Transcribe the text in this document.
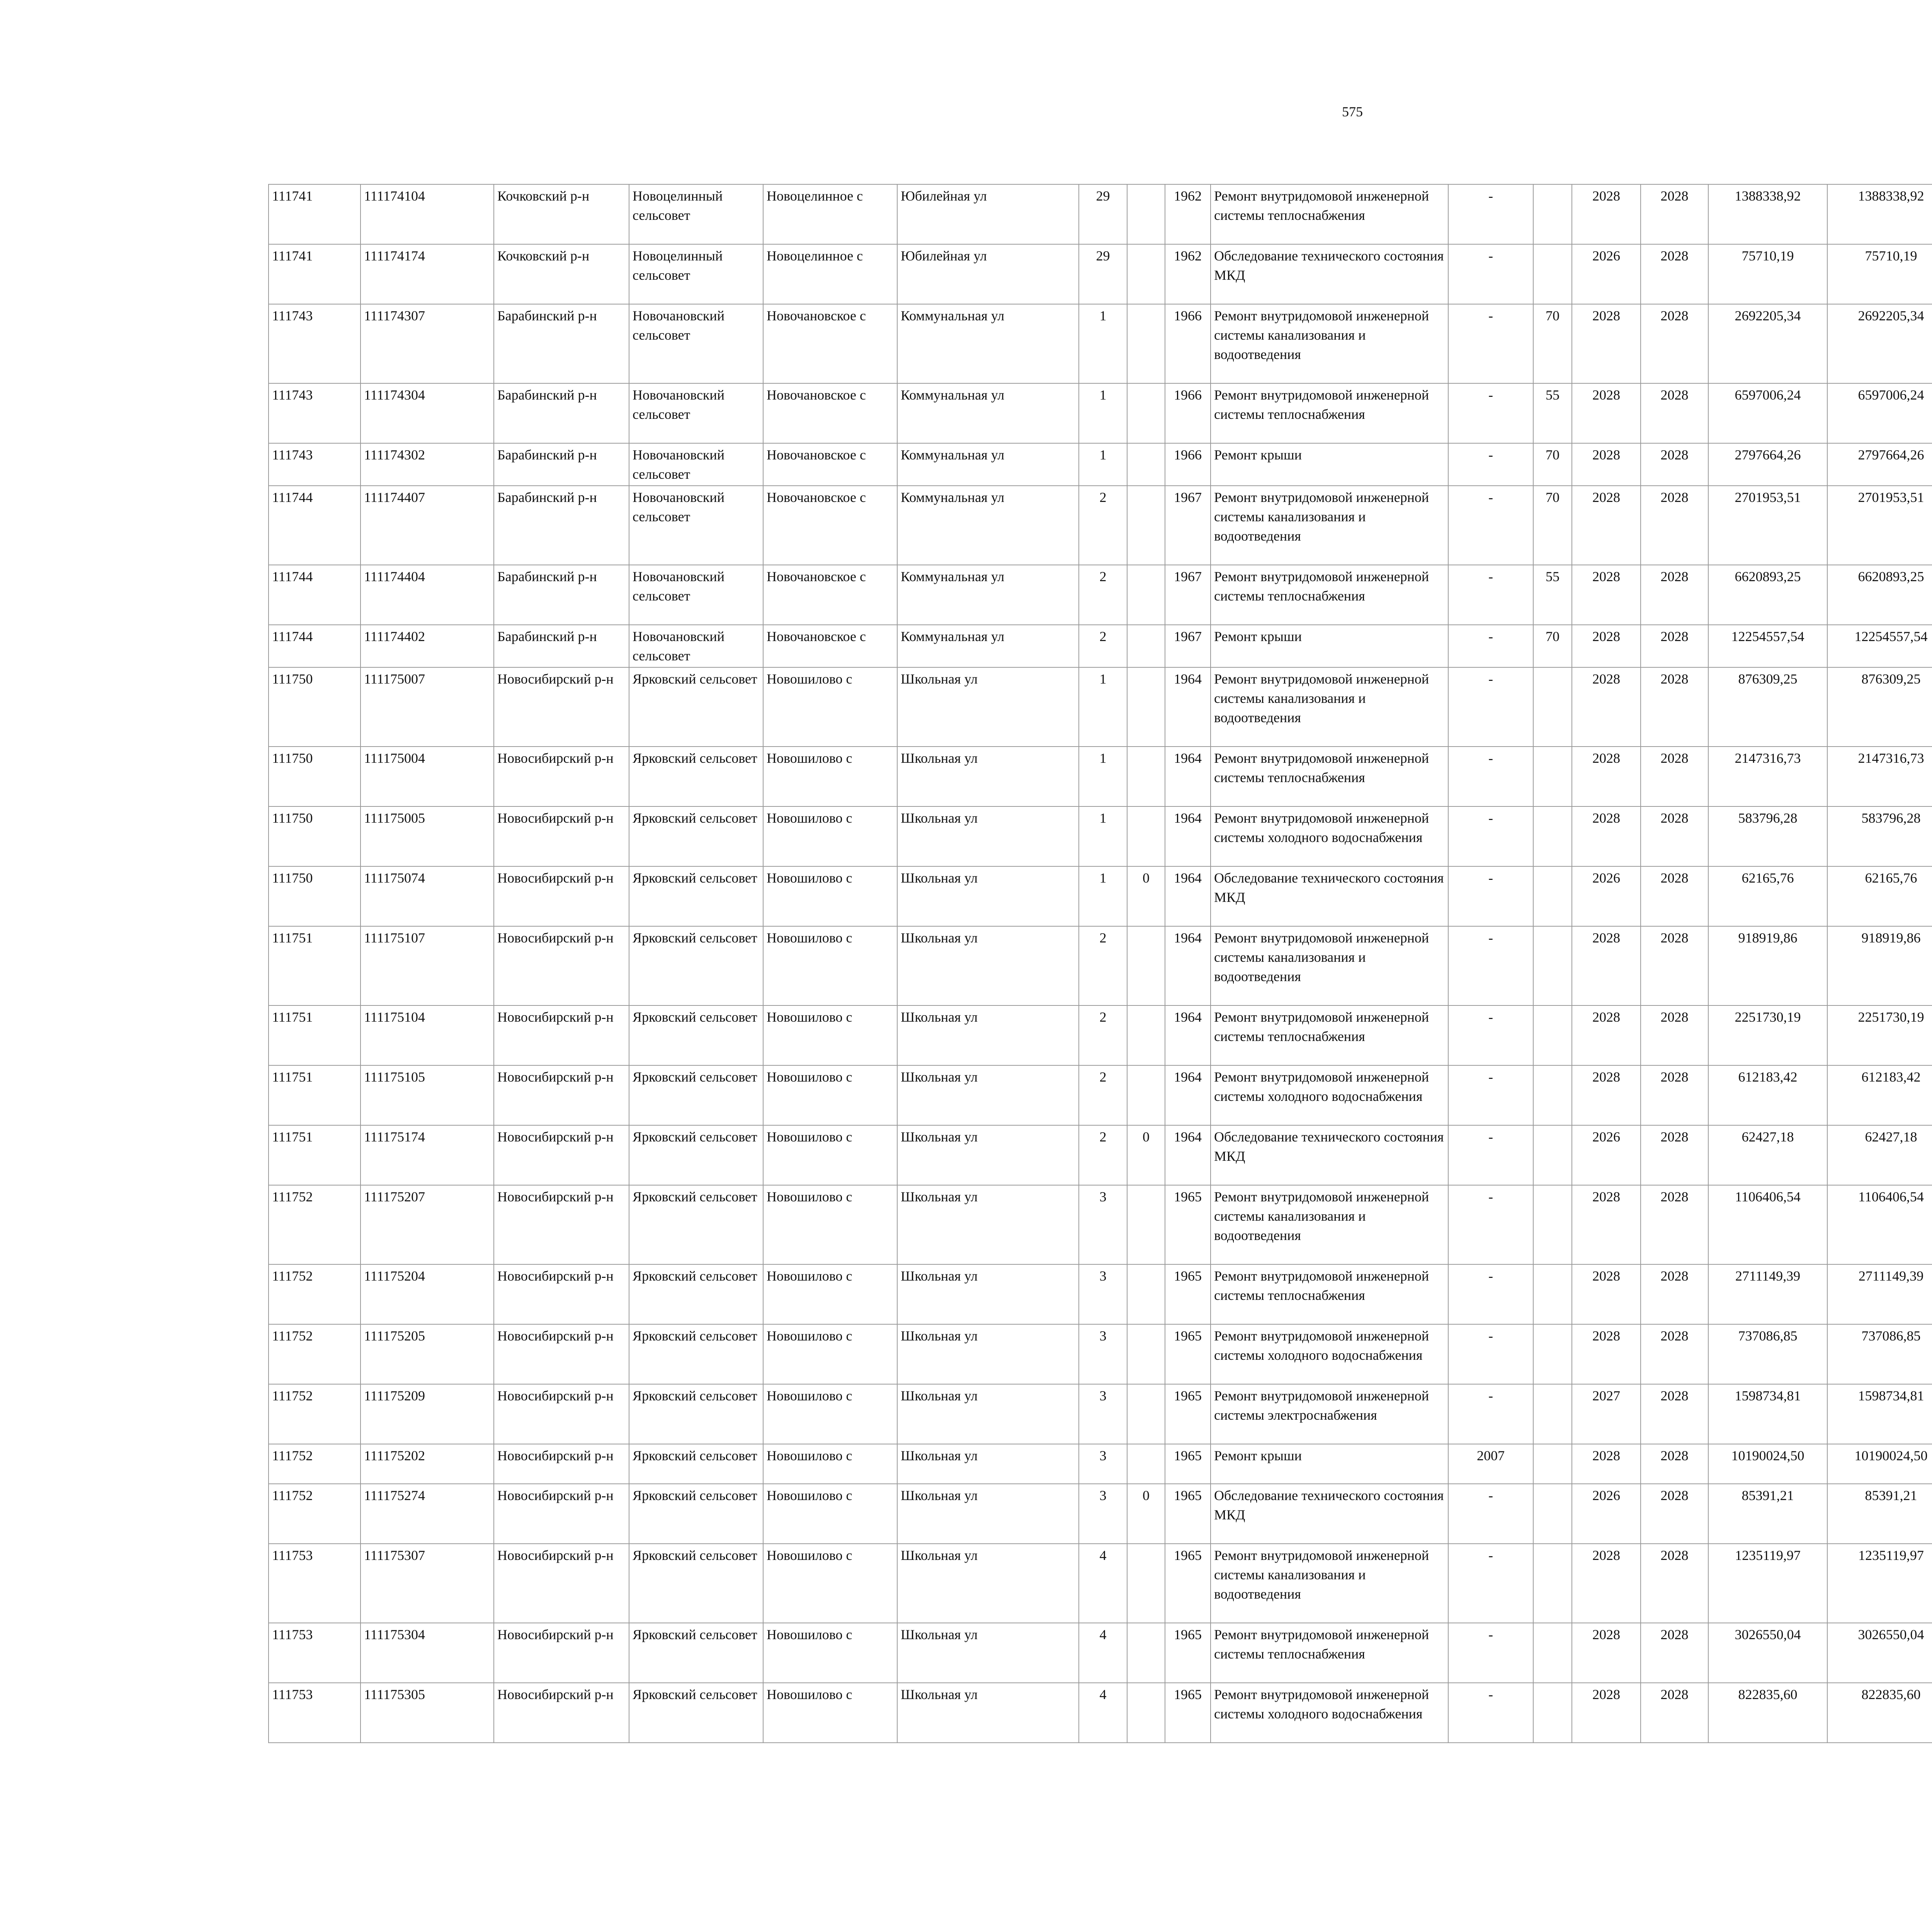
575
111741	111174104	Кочковский р-н	Новоцелинный сельсовет	Новоцелинное с	Юбилейная ул	29		1962	Ремонт внутридомовой инженерной системы теплоснабжения	-		2028	2028	1388338,92	1388338,92							
111741	111174174	Кочковский р-н	Новоцелинный сельсовет	Новоцелинное с	Юбилейная ул	29		1962	Обследование технического состояния МКД	-		2026	2028	75710,19	75710,19							
111743	111174307	Барабинский р-н	Новочановский сельсовет	Новочановское с	Коммунальная ул	1		1966	Ремонт внутридомовой инженерной системы канализования и водоотведения	-	70	2028	2028	2692205,34	2692205,34							
111743	111174304	Барабинский р-н	Новочановский сельсовет	Новочановское с	Коммунальная ул	1		1966	Ремонт внутридомовой инженерной системы теплоснабжения	-	55	2028	2028	6597006,24	6597006,24							
111743	111174302	Барабинский р-н	Новочановский сельсовет	Новочановское с	Коммунальная ул	1		1966	Ремонт крыши	-	70	2028	2028	2797664,26	2797664,26							
111744	111174407	Барабинский р-н	Новочановский сельсовет	Новочановское с	Коммунальная ул	2		1967	Ремонт внутридомовой инженерной системы канализования и водоотведения	-	70	2028	2028	2701953,51	2701953,51							
111744	111174404	Барабинский р-н	Новочановский сельсовет	Новочановское с	Коммунальная ул	2		1967	Ремонт внутридомовой инженерной системы теплоснабжения	-	55	2028	2028	6620893,25	6620893,25							
111744	111174402	Барабинский р-н	Новочановский сельсовет	Новочановское с	Коммунальная ул	2		1967	Ремонт крыши	-	70	2028	2028	12254557,54	12254557,54							
111750	111175007	Новосибирский р-н	Ярковский сельсовет	Новошилово с	Школьная ул	1		1964	Ремонт внутридомовой инженерной системы канализования и водоотведения	-		2028	2028	876309,25	876309,25							
111750	111175004	Новосибирский р-н	Ярковский сельсовет	Новошилово с	Школьная ул	1		1964	Ремонт внутридомовой инженерной системы теплоснабжения	-		2028	2028	2147316,73	2147316,73							
111750	111175005	Новосибирский р-н	Ярковский сельсовет	Новошилово с	Школьная ул	1		1964	Ремонт внутридомовой инженерной системы холодного водоснабжения	-		2028	2028	583796,28	583796,28							
111750	111175074	Новосибирский р-н	Ярковский сельсовет	Новошилово с	Школьная ул	1	0	1964	Обследование технического состояния МКД	-		2026	2028	62165,76	62165,76							
111751	111175107	Новосибирский р-н	Ярковский сельсовет	Новошилово с	Школьная ул	2		1964	Ремонт внутридомовой инженерной системы канализования и водоотведения	-		2028	2028	918919,86	918919,86							
111751	111175104	Новосибирский р-н	Ярковский сельсовет	Новошилово с	Школьная ул	2		1964	Ремонт внутридомовой инженерной системы теплоснабжения	-		2028	2028	2251730,19	2251730,19							
111751	111175105	Новосибирский р-н	Ярковский сельсовет	Новошилово с	Школьная ул	2		1964	Ремонт внутридомовой инженерной системы холодного водоснабжения	-		2028	2028	612183,42	612183,42							
111751	111175174	Новосибирский р-н	Ярковский сельсовет	Новошилово с	Школьная ул	2	0	1964	Обследование технического состояния МКД	-		2026	2028	62427,18	62427,18							
111752	111175207	Новосибирский р-н	Ярковский сельсовет	Новошилово с	Школьная ул	3		1965	Ремонт внутридомовой инженерной системы канализования и водоотведения	-		2028	2028	1106406,54	1106406,54							
111752	111175204	Новосибирский р-н	Ярковский сельсовет	Новошилово с	Школьная ул	3		1965	Ремонт внутридомовой инженерной системы теплоснабжения	-		2028	2028	2711149,39	2711149,39							
111752	111175205	Новосибирский р-н	Ярковский сельсовет	Новошилово с	Школьная ул	3		1965	Ремонт внутридомовой инженерной системы холодного водоснабжения	-		2028	2028	737086,85	737086,85							
111752	111175209	Новосибирский р-н	Ярковский сельсовет	Новошилово с	Школьная ул	3		1965	Ремонт внутридомовой инженерной системы электроснабжения	-		2027	2028	1598734,81	1598734,81							
111752	111175202	Новосибирский р-н	Ярковский сельсовет	Новошилово с	Школьная ул	3		1965	Ремонт крыши	2007		2028	2028	10190024,50	10190024,50							
111752	111175274	Новосибирский р-н	Ярковский сельсовет	Новошилово с	Школьная ул	3	0	1965	Обследование технического состояния МКД	-		2026	2028	85391,21	85391,21							
111753	111175307	Новосибирский р-н	Ярковский сельсовет	Новошилово с	Школьная ул	4		1965	Ремонт внутридомовой инженерной системы канализования и водоотведения	-		2028	2028	1235119,97	1235119,97							
111753	111175304	Новосибирский р-н	Ярковский сельсовет	Новошилово с	Школьная ул	4		1965	Ремонт внутридомовой инженерной системы теплоснабжения	-		2028	2028	3026550,04	3026550,04							
111753	111175305	Новосибирский р-н	Ярковский сельсовет	Новошилово с	Школьная ул	4		1965	Ремонт внутридомовой инженерной системы холодного водоснабжения	-		2028	2028	822835,60	822835,60							
